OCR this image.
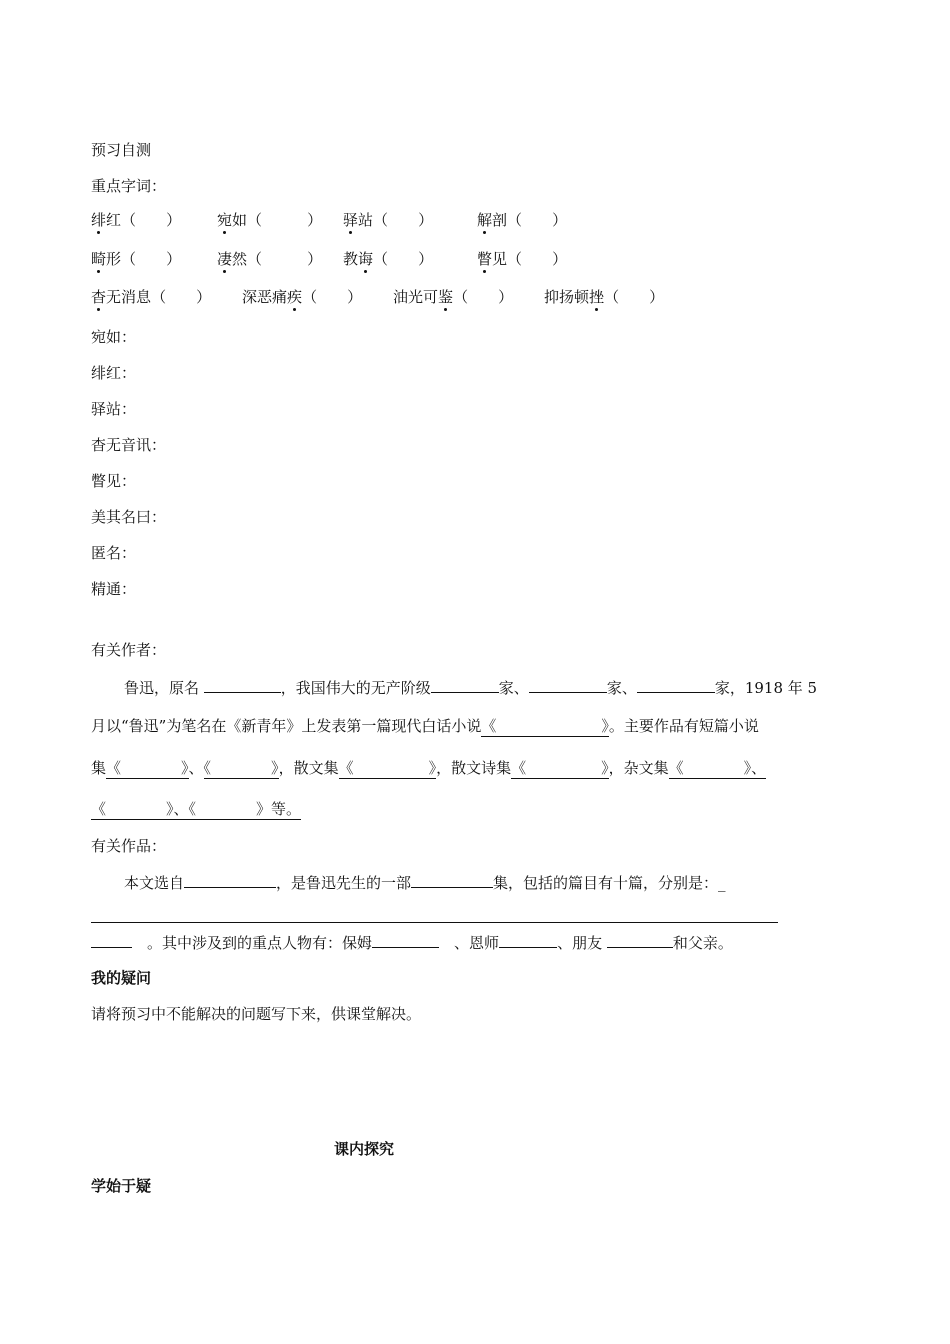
预习自测
重点字词：
绯红（　　 ） 宛如（　　　	） 驿站（　　 ）	解剖（　　 ）
畸形（　　 ） 凄然（　　　	） 教诲（　　 ）	瞥见（　　 ）
杳无消息（　　 ） 深恶痛疾（　　 ） 油光可鉴（　　 ） 抑扬顿挫（　　 ）
宛如：
绯红：
驿站：
杳无音讯：
瞥见：
美其名曰：
匿名：
精通：
有关作者：
鲁迅，原名	，我国伟大的无产阶级	家、	家、	家，1918 年 5
月以“鲁迅”为笔名在《新青年》上发表第一篇现代白话小说《　　　　　　　》。主要作品有短篇小说
集《　　　　》、《　　　　》，散文集《　　　　　》，散文诗集《　　　　　》，杂文集《　　　　》、
《　　　　》、《　　　　》等。
有关作品：
本文选自	，是鲁迅先生的一部	集，包括的篇目有十篇，分别是：_
　。其中涉及到的重点人物有：保姆　	、恩师	、朋友	和父亲。
我的疑问
请将预习中不能解决的问题写下来，供课堂解决。
课内探究
学始于疑
